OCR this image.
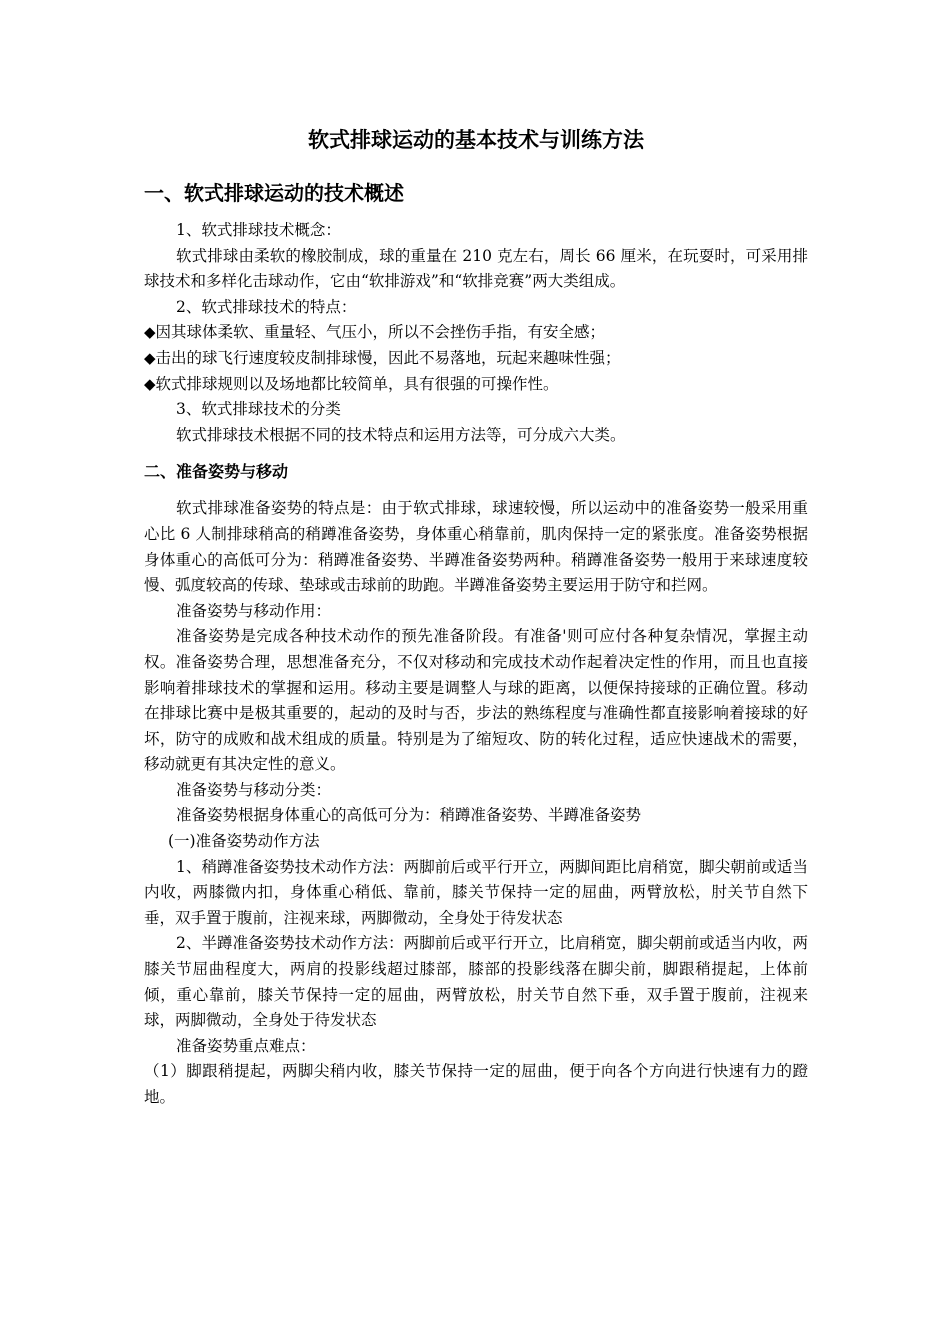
软式排球运动的基本技术与训练方法
一、软式排球运动的技术概述

1、软式排球技术概念：

软式排球由柔软的橡胶制成，球的重量在 210 克左右，周长 66 厘米，在玩耍时，可采用排球技术和多样化击球动作，它由“软排游戏”和“软排竞赛”两大类组成。

2、软式排球技术的特点：

◆因其球体柔软、重量轻、气压小，所以不会挫伤手指，有安全感；

◆击出的球飞行速度较皮制排球慢，因此不易落地，玩起来趣味性强；

◆软式排球规则以及场地都比较简单，具有很强的可操作性。

3、软式排球技术的分类

软式排球技术根据不同的技术特点和运用方法等，可分成六大类。

二、准备姿势与移动

软式排球准备姿势的特点是：由于软式排球，球速较慢，所以运动中的准备姿势一般采用重心比 6 人制排球稍高的稍蹲准备姿势，身体重心稍靠前，肌肉保持一定的紧张度。准备姿势根据身体重心的高低可分为：稍蹲准备姿势、半蹲准备姿势两种。稍蹲准备姿势一般用于来球速度较慢、弧度较高的传球、垫球或击球前的助跑。半蹲准备姿势主要运用于防守和拦网。

准备姿势与移动作用：

准备姿势是完成各种技术动作的预先准备阶段。有准备'则可应付各种复杂情况，掌握主动权。准备姿势合理，思想准备充分，不仅对移动和完成技术动作起着决定性的作用，而且也直接影响着排球技术的掌握和运用。移动主要是调整人与球的距离，以便保持接球的正确位置。移动在排球比赛中是极其重要的，起动的及时与否，步法的熟练程度与准确性都直接影响着接球的好坏，防守的成败和战术组成的质量。特别是为了缩短攻、防的转化过程，适应快速战术的需要，移动就更有其决定性的意义。

准备姿势与移动分类：

准备姿势根据身体重心的高低可分为：稍蹲准备姿势、半蹲准备姿势

(一)准备姿势动作方法

1、稍蹲准备姿势技术动作方法：两脚前后或平行开立，两脚间距比肩稍宽，脚尖朝前或适当内收，两膝微内扣，身体重心稍低、靠前，膝关节保持一定的屈曲，两臂放松，肘关节自然下垂，双手置于腹前，注视来球，两脚微动，全身处于待发状态

2、半蹲准备姿势技术动作方法：两脚前后或平行开立，比肩稍宽，脚尖朝前或适当内收，两膝关节屈曲程度大，两肩的投影线超过膝部，膝部的投影线落在脚尖前，脚跟稍提起，上体前倾，重心靠前，膝关节保持一定的屈曲，两臂放松，肘关节自然下垂，双手置于腹前，注视来球，两脚微动，全身处于待发状态

准备姿势重点难点：

（1）脚跟稍提起，两脚尖稍内收，膝关节保持一定的屈曲，便于向各个方向进行快速有力的蹬地。
